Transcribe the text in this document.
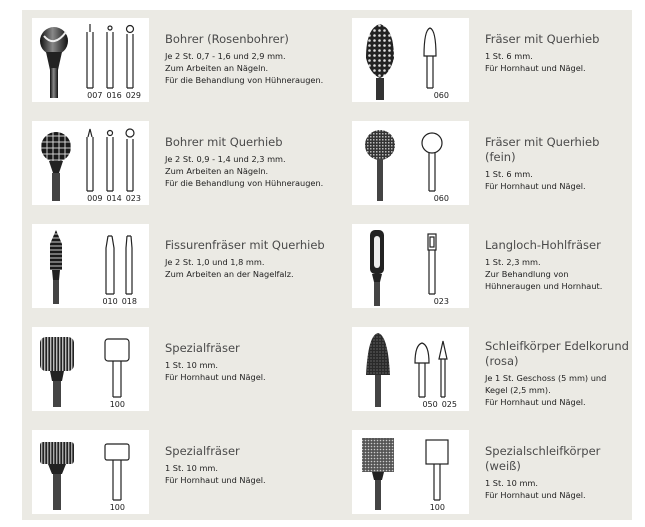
007 016 029

Bohrer (Rosenbohrer)

Je 2 St. 0,7 - 1,6 und 2,9 mm.

Zum Arbeiten an Nägeln.

Für die Behandlung von Hühneraugen.

060

Fräser mit Querhieb

1 St. 6 mm.

Für Hornhaut und Nägel.

009 014 023

Bohrer mit Querhieb

Je 2 St. 0,9 - 1,4 und 2,3 mm.

Zum Arbeiten an Nägeln.

Für die Behandlung von Hühneraugen.

060

Fräser mit Querhieb (fein)

1 St. 6 mm.

Für Hornhaut und Nägel.

010 018

Fissurenfräser mit Querhieb

Je 2 St. 1,0 und 1,8 mm.

Zum Arbeiten an der Nagelfalz.

023

Langloch-Hohlfräser

1 St. 2,3 mm.

Zur Behandlung von

Hühneraugen und Hornhaut.

100

Spezialfräser

1 St. 10 mm.

Für Hornhaut und Nägel.

050 025

Schleifkörper Edelkorund (rosa)

Je 1 St. Geschoss (5 mm) und

Kegel (2,5 mm).

Für Hornhaut und Nägel.

100

Spezialfräser

1 St. 10 mm.

Für Hornhaut und Nägel.

100

Spezialschleifkörper (weiß)

1 St. 10 mm.

Für Hornhaut und Nägel.
